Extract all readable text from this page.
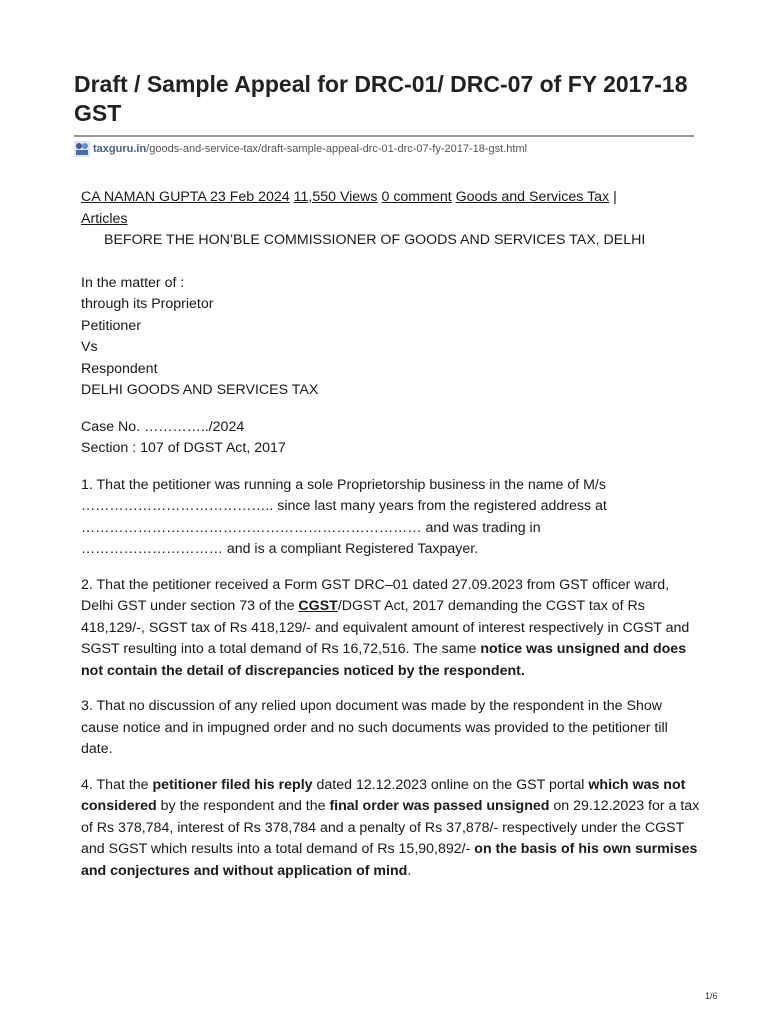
Draft / Sample Appeal for DRC-01/ DRC-07 of FY 2017-18 GST
taxguru.in /goods-and-service-tax/draft-sample-appeal-drc-01-drc-07-fy-2017-18-gst.html

CA NAMAN GUPTA 23 Feb 2024 11,550 Views 0 comment Goods and Services Tax |
Articles

BEFORE THE HON’BLE COMMISSIONER OF GOODS AND SERVICES TAX, DELHI

In the matter of :
through its Proprietor
Petitioner
Vs
Respondent
DELHI GOODS AND SERVICES TAX

Case No. …………../2024
Section : 107 of DGST Act, 2017

1. That the petitioner was running a sole Proprietorship business in the name of M/s
………………………………….. since last many years from the registered address at
……………………………………………………………… and was trading in
………………………… and is a compliant Registered Taxpayer.

2. That the petitioner received a Form GST DRC–01 dated 27.09.2023 from GST officer ward, Delhi GST under section 73 of the CGST/DGST Act, 2017 demanding the CGST tax of Rs 418,129/-, SGST tax of Rs 418,129/- and equivalent amount of interest respectively in CGST and SGST resulting into a total demand of Rs 16,72,516. The same notice was unsigned and does not contain the detail of discrepancies noticed by the respondent.

3. That no discussion of any relied upon document was made by the respondent in the Show cause notice and in impugned order and no such documents was provided to the petitioner till date.

4. That the petitioner filed his reply dated 12.12.2023 online on the GST portal which was not considered by the respondent and the final order was passed unsigned on 29.12.2023 for a tax of Rs 378,784, interest of Rs 378,784 and a penalty of Rs 37,878/- respectively under the CGST and SGST which results into a total demand of Rs 15,90,892/- on the basis of his own surmises and conjectures and without application of mind.

1/6
